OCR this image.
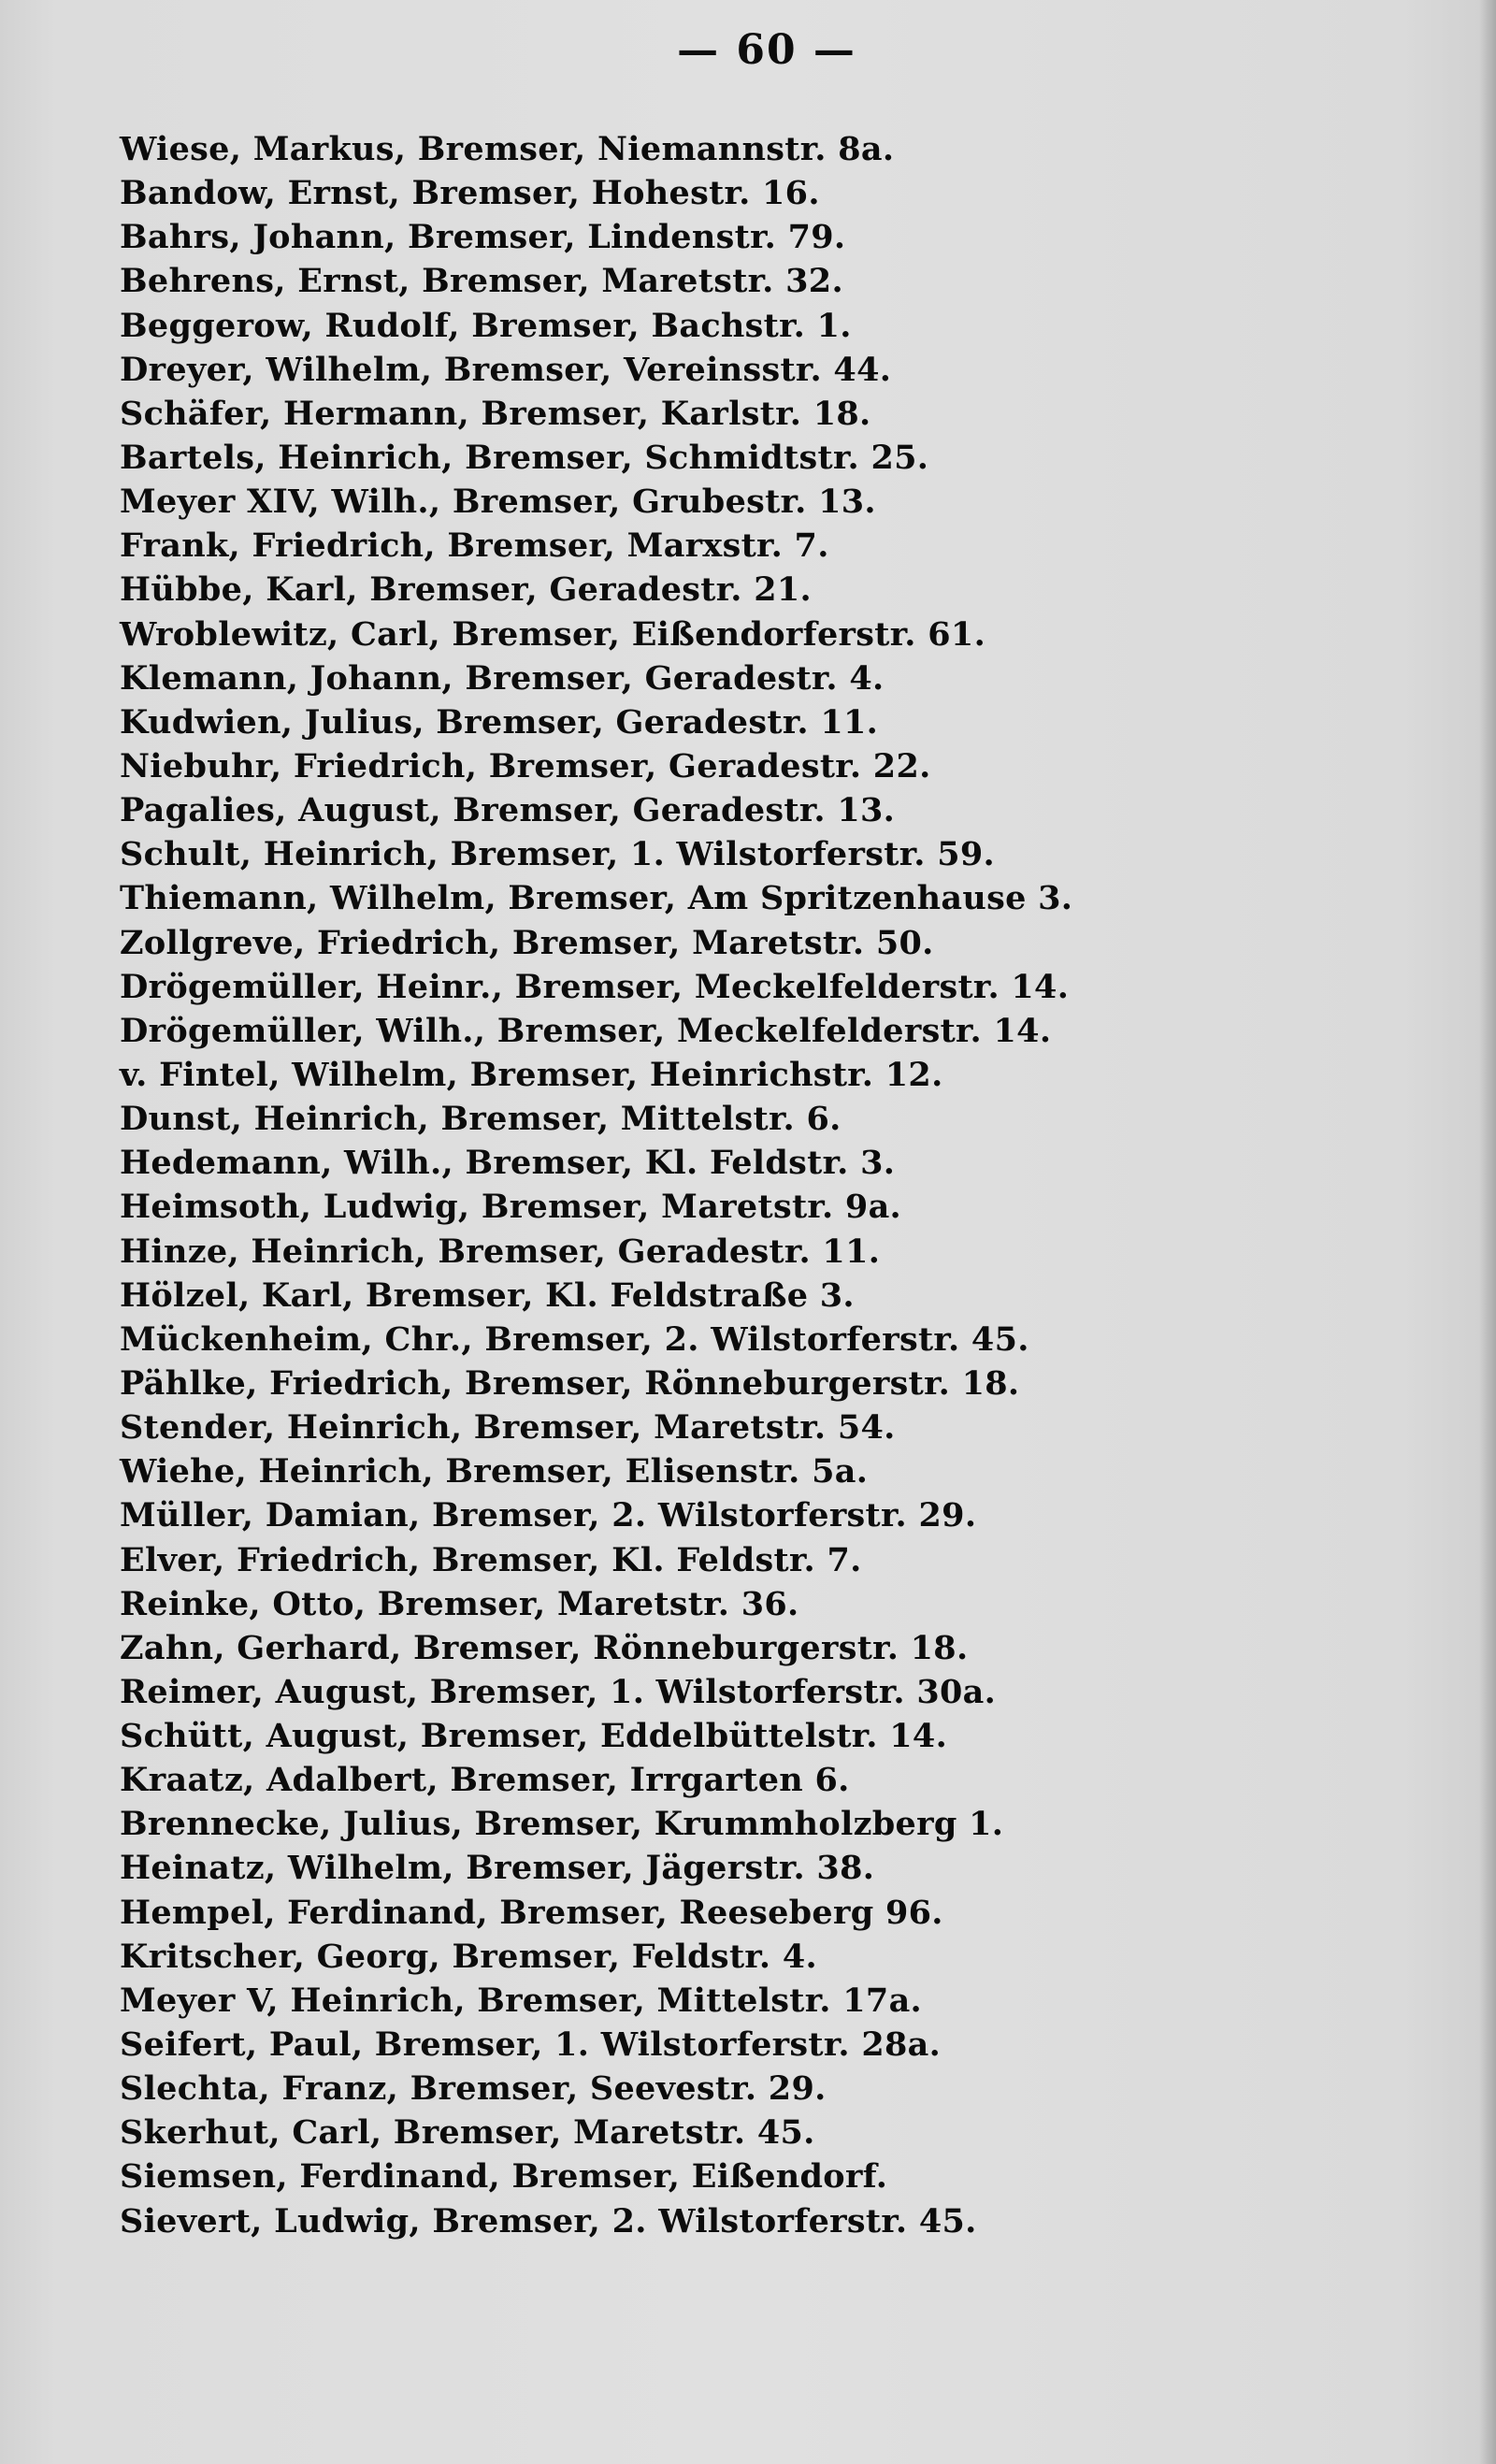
— 60 —
Wiese, Markus, Bremser, Niemannstr. 8a.
Bandow, Ernst, Bremser, Hohestr. 16.
Bahrs, Johann, Bremser, Lindenstr. 79.
Behrens, Ernst, Bremser, Maretstr. 32.
Beggerow, Rudolf, Bremser, Bachstr. 1.
Dreyer, Wilhelm, Bremser, Vereinsstr. 44.
Schäfer, Hermann, Bremser, Karlstr. 18.
Bartels, Heinrich, Bremser, Schmidtstr. 25.
Meyer XIV, Wilh., Bremser, Grubestr. 13.
Frank, Friedrich, Bremser, Marxstr. 7.
Hübbe, Karl, Bremser, Geradestr. 21.
Wroblewitz, Carl, Bremser, Eißendorferstr. 61.
Klemann, Johann, Bremser, Geradestr. 4.
Kudwien, Julius, Bremser, Geradestr. 11.
Niebuhr, Friedrich, Bremser, Geradestr. 22.
Pagalies, August, Bremser, Geradestr. 13.
Schult, Heinrich, Bremser, 1. Wilstorferstr. 59.
Thiemann, Wilhelm, Bremser, Am Spritzenhause 3.
Zollgreve, Friedrich, Bremser, Maretstr. 50.
Drögemüller, Heinr., Bremser, Meckelfelderstr. 14.
Drögemüller, Wilh., Bremser, Meckelfelderstr. 14.
v. Fintel, Wilhelm, Bremser, Heinrichstr. 12.
Dunst, Heinrich, Bremser, Mittelstr. 6.
Hedemann, Wilh., Bremser, Kl. Feldstr. 3.
Heimsoth, Ludwig, Bremser, Maretstr. 9a.
Hinze, Heinrich, Bremser, Geradestr. 11.
Hölzel, Karl, Bremser, Kl. Feldstraße 3.
Mückenheim, Chr., Bremser, 2. Wilstorferstr. 45.
Pählke, Friedrich, Bremser, Rönneburgerstr. 18.
Stender, Heinrich, Bremser, Maretstr. 54.
Wiehe, Heinrich, Bremser, Elisenstr. 5a.
Müller, Damian, Bremser, 2. Wilstorferstr. 29.
Elver, Friedrich, Bremser, Kl. Feldstr. 7.
Reinke, Otto, Bremser, Maretstr. 36.
Zahn, Gerhard, Bremser, Rönneburgerstr. 18.
Reimer, August, Bremser, 1. Wilstorferstr. 30a.
Schütt, August, Bremser, Eddelbüttelstr. 14.
Kraatz, Adalbert, Bremser, Irrgarten 6.
Brennecke, Julius, Bremser, Krummholzberg 1.
Heinatz, Wilhelm, Bremser, Jägerstr. 38.
Hempel, Ferdinand, Bremser, Reeseberg 96.
Kritscher, Georg, Bremser, Feldstr. 4.
Meyer V, Heinrich, Bremser, Mittelstr. 17a.
Seifert, Paul, Bremser, 1. Wilstorferstr. 28a.
Slechta, Franz, Bremser, Seevestr. 29.
Skerhut, Carl, Bremser, Maretstr. 45.
Siemsen, Ferdinand, Bremser, Eißendorf.
Sievert, Ludwig, Bremser, 2. Wilstorferstr. 45.
